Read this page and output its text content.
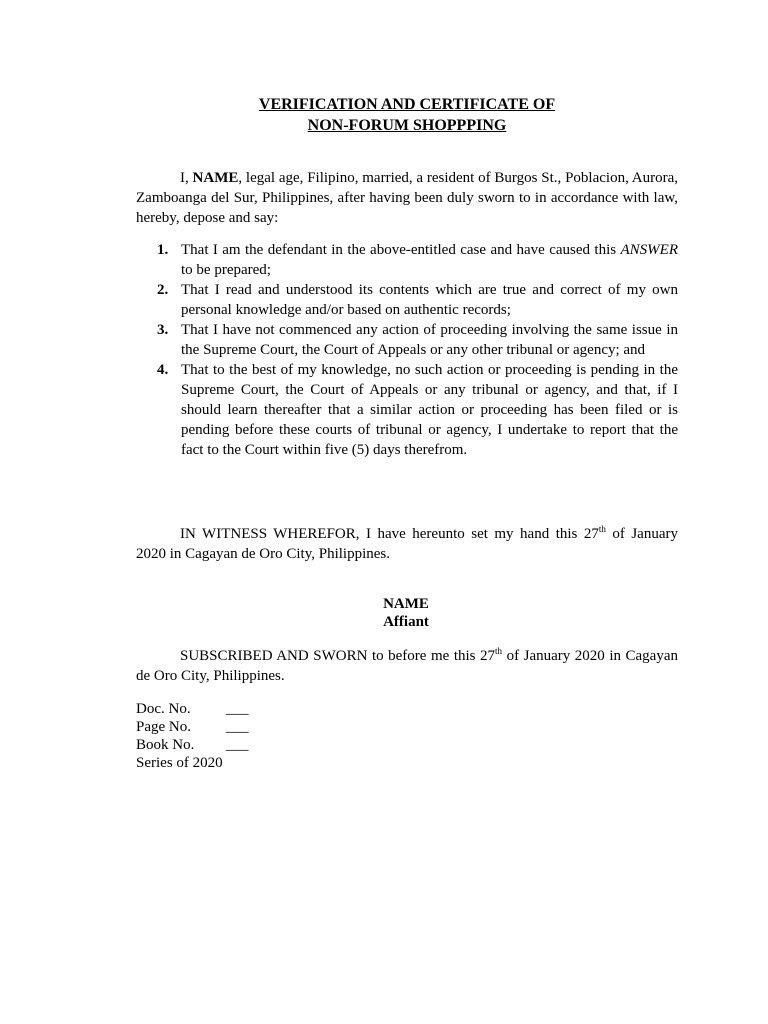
VERIFICATION AND CERTIFICATE OF
NON-FORUM SHOPPPING
I, NAME, legal age, Filipino, married, a resident of Burgos St., Poblacion, Aurora, Zamboanga del Sur, Philippines, after having been duly sworn to in accordance with law, hereby, depose and say:
1. That I am the defendant in the above-entitled case and have caused this ANSWER to be prepared;
2. That I read and understood its contents which are true and correct of my own personal knowledge and/or based on authentic records;
3. That I have not commenced any action of proceeding involving the same issue in the Supreme Court, the Court of Appeals or any other tribunal or agency; and
4. That to the best of my knowledge, no such action or proceeding is pending in the Supreme Court, the Court of Appeals or any tribunal or agency, and that, if I should learn thereafter that a similar action or proceeding has been filed or is pending before these courts of tribunal or agency, I undertake to report that the fact to the Court within five (5) days therefrom.
IN WITNESS WHEREFOR, I have hereunto set my hand this 27th of January 2020 in Cagayan de Oro City, Philippines.
NAME
Affiant
SUBSCRIBED AND SWORN to before me this 27th of January 2020 in Cagayan de Oro City, Philippines.
Doc. No. ___
Page No. ___
Book No. ___
Series of 2020
